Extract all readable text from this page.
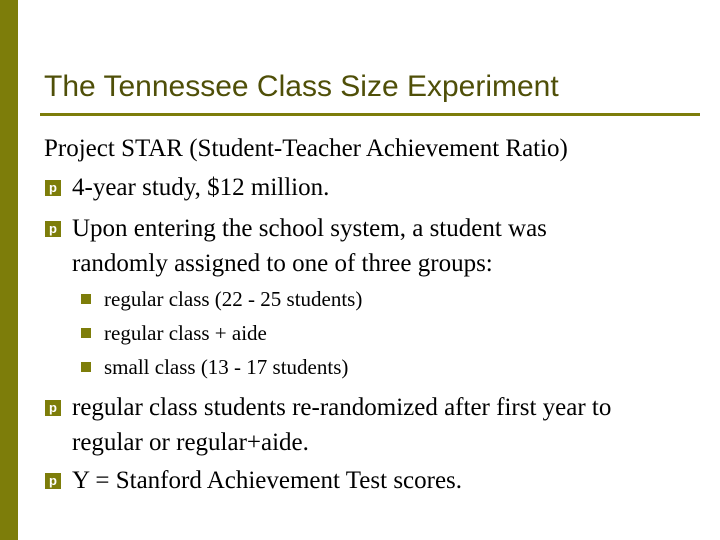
The Tennessee Class Size Experiment
Project STAR (Student-Teacher Achievement Ratio)
p 4-year study, $12 million.
p Upon entering the school system, a student was
randomly assigned to one of three groups:
regular class (22 - 25 students)
regular class + aide
small class (13 - 17 students)
p regular class students re-randomized after first year to
regular or regular+aide.
p Y = Stanford Achievement Test scores.
